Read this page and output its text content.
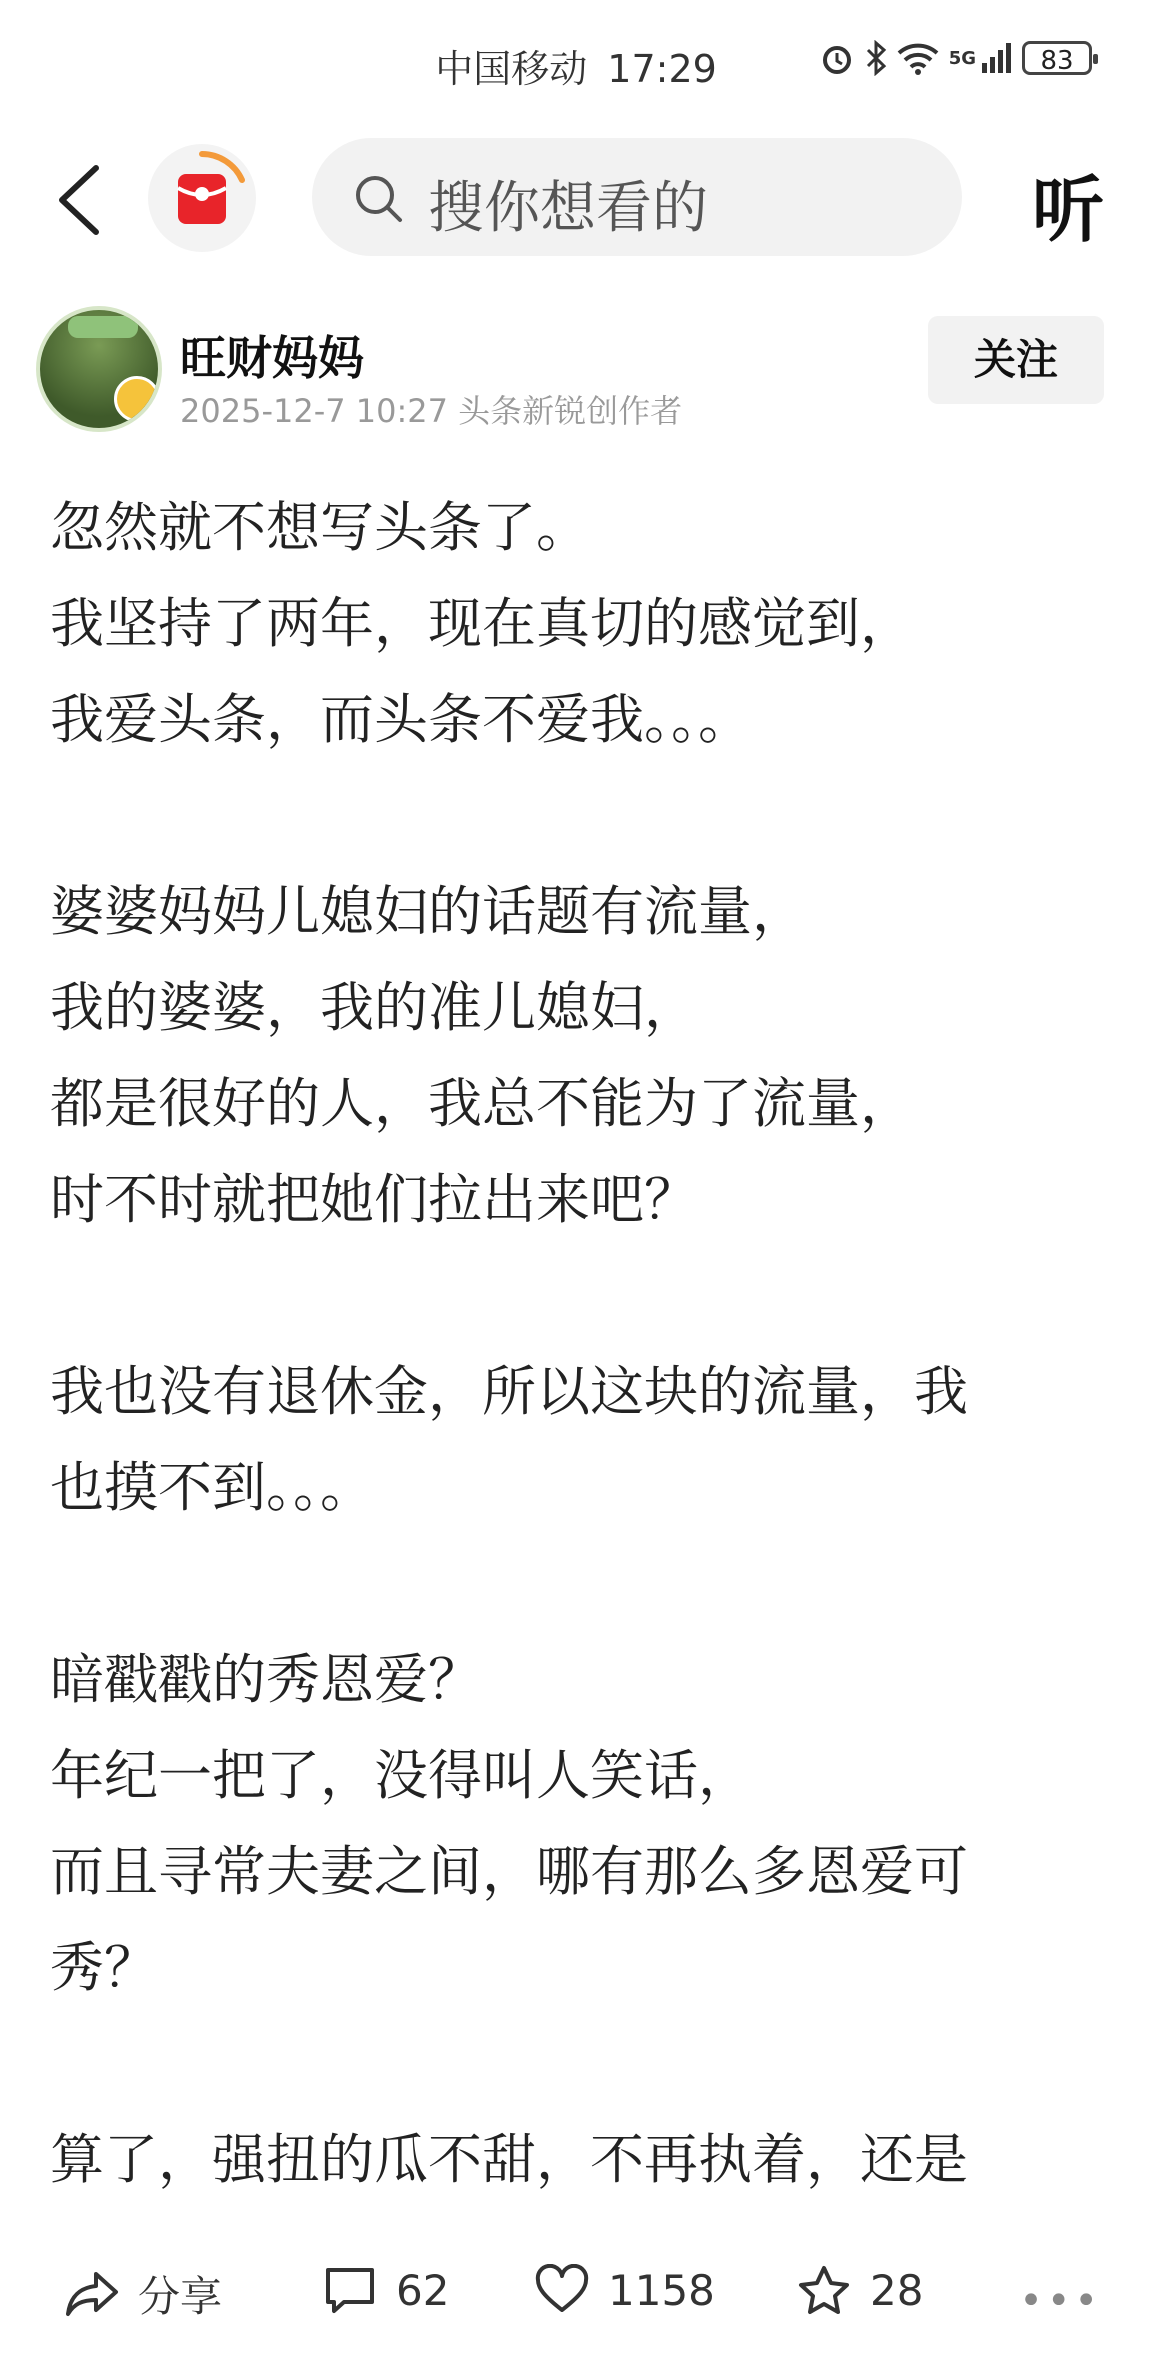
中国移动 17:29	5G	83
搜你想看的	听
旺财妈妈
2025-12-7 10:27 头条新锐创作者
关注

忽然就不想写头条了。
我坚持了两年，现在真切的感觉到，
我爱头条，而头条不爱我。。。

婆婆妈妈儿媳妇的话题有流量，
我的婆婆，我的准儿媳妇，
都是很好的人，我总不能为了流量，
时不时就把她们拉出来吧？

我也没有退休金，所以这块的流量，我
也摸不到。。。

暗戳戳的秀恩爱？
年纪一把了，没得叫人笑话，
而且寻常夫妻之间，哪有那么多恩爱可
秀？

算了，强扭的瓜不甜，不再执着，还是

分享	62	1158	28 •••
